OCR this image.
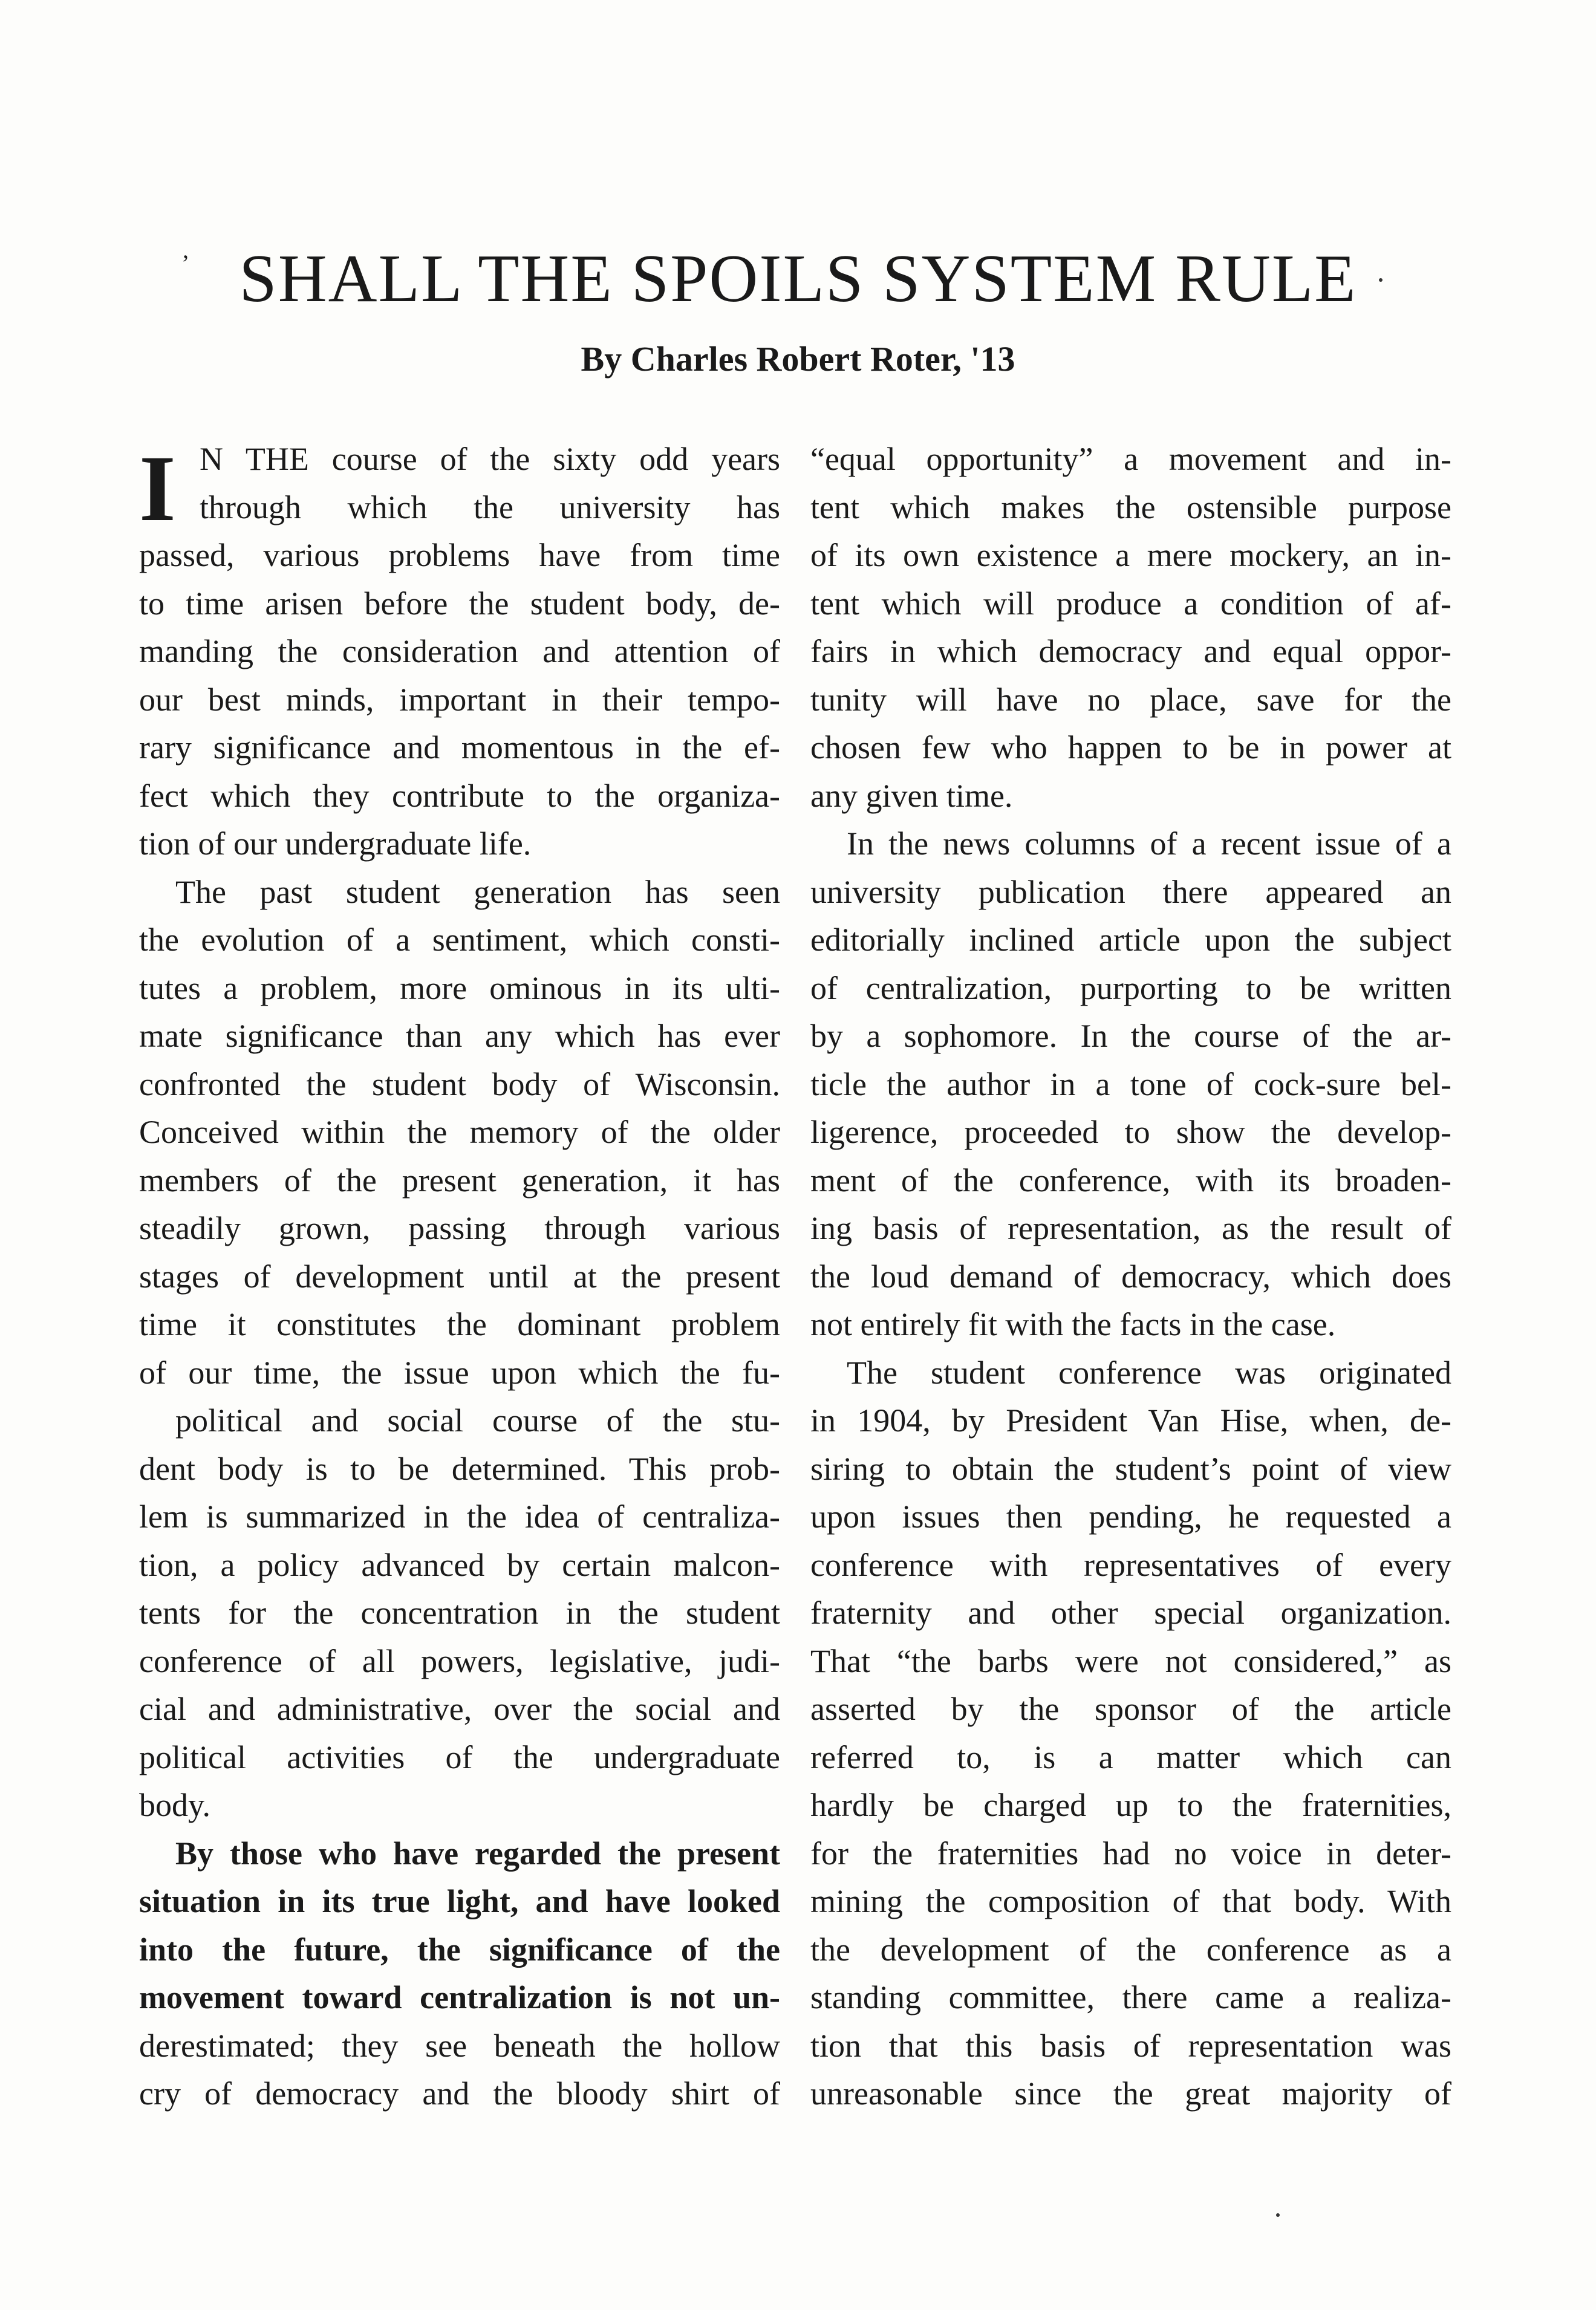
’ SHALL THE SPOILS SYSTEM RULE
By Charles Robert Roter, '13
I N THE course of the sixty odd years
through which the university has
passed, various problems have from time
to time arisen before the student body, de-
manding the consideration and attention of
our best minds, important in their tempo-
rary significance and momentous in the ef-
fect which they contribute to the organiza-
tion of our undergraduate life.
The past student generation has seen
the evolution of a sentiment, which consti-
tutes a problem, more ominous in its ulti-
mate significance than any which has ever
confronted the student body of Wisconsin.
Conceived within the memory of the older
members of the present generation, it has
steadily grown, passing through various
stages of development until at the present
time it constitutes the dominant problem
of our time, the issue upon which the fu-
political and social course of the stu-
dent body is to be determined. This prob-
lem is summarized in the idea of centraliza-
tion, a policy advanced by certain malcon-
tents for the concentration in the student
conference of all powers, legislative, judi-
cial and administrative, over the social and
political activities of the undergraduate
body.
By those who have regarded the present
situation in its true light, and have looked
into the future, the significance of the
movement toward centralization is not un-
derestimated; they see beneath the hollow
cry of democracy and the bloody shirt of
“equal opportunity” a movement and in-
tent which makes the ostensible purpose
of its own existence a mere mockery, an in-
tent which will produce a condition of af-
fairs in which democracy and equal oppor-
tunity will have no place, save for the
chosen few who happen to be in power at
any given time.
In the news columns of a recent issue of a
university publication there appeared an
editorially inclined article upon the subject
of centralization, purporting to be written
by a sophomore. In the course of the ar-
ticle the author in a tone of cock-sure bel-
ligerence, proceeded to show the develop-
ment of the conference, with its broaden-
ing basis of representation, as the result of
the loud demand of democracy, which does
not entirely fit with the facts in the case.
The student conference was originated
in 1904, by President Van Hise, when, de-
siring to obtain the student’s point of view
upon issues then pending, he requested a
conference with representatives of every
fraternity and other special organization.
That “the barbs were not considered,” as
asserted by the sponsor of the article
referred to, is a matter which can
hardly be charged up to the fraternities,
for the fraternities had no voice in deter-
mining the composition of that body. With
the development of the conference as a
standing committee, there came a realiza-
tion that this basis of representation was
unreasonable since the great majority of
